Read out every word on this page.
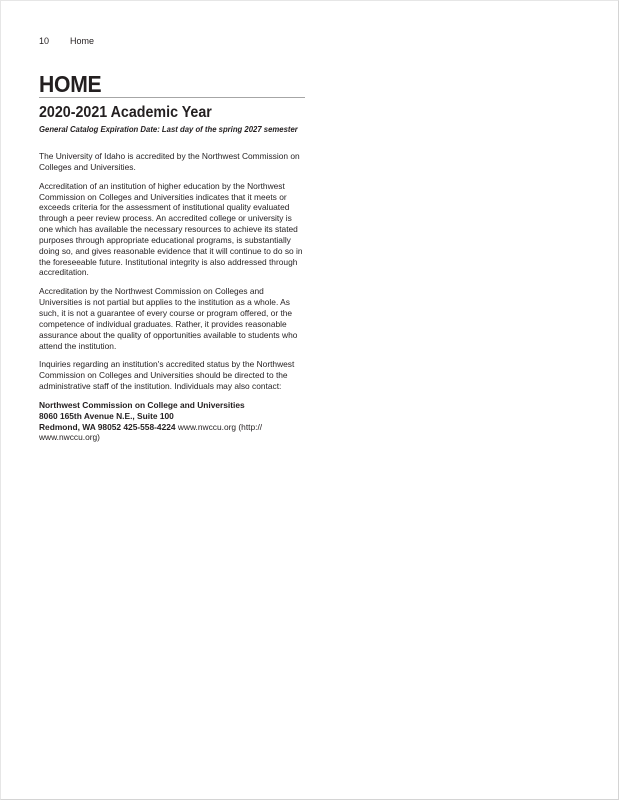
10	Home
HOME
2020-2021 Academic Year
General Catalog Expiration Date: Last day of the spring 2027 semester

The University of Idaho is accredited by the Northwest Commission on Colleges and Universities.

Accreditation of an institution of higher education by the Northwest Commission on Colleges and Universities indicates that it meets or exceeds criteria for the assessment of institutional quality evaluated through a peer review process. An accredited college or university is one which has available the necessary resources to achieve its stated purposes through appropriate educational programs, is substantially doing so, and gives reasonable evidence that it will continue to do so in the foreseeable future. Institutional integrity is also addressed through accreditation.

Accreditation by the Northwest Commission on Colleges and Universities is not partial but applies to the institution as a whole. As such, it is not a guarantee of every course or program offered, or the competence of individual graduates. Rather, it provides reasonable assurance about the quality of opportunities available to students who attend the institution.

Inquiries regarding an institution's accredited status by the Northwest Commission on Colleges and Universities should be directed to the administrative staff of the institution. Individuals may also contact:

Northwest Commission on College and Universities
8060 165th Avenue N.E., Suite 100
Redmond, WA 98052 425-558-4224 www.nwccu.org (http:// www.nwccu.org)
